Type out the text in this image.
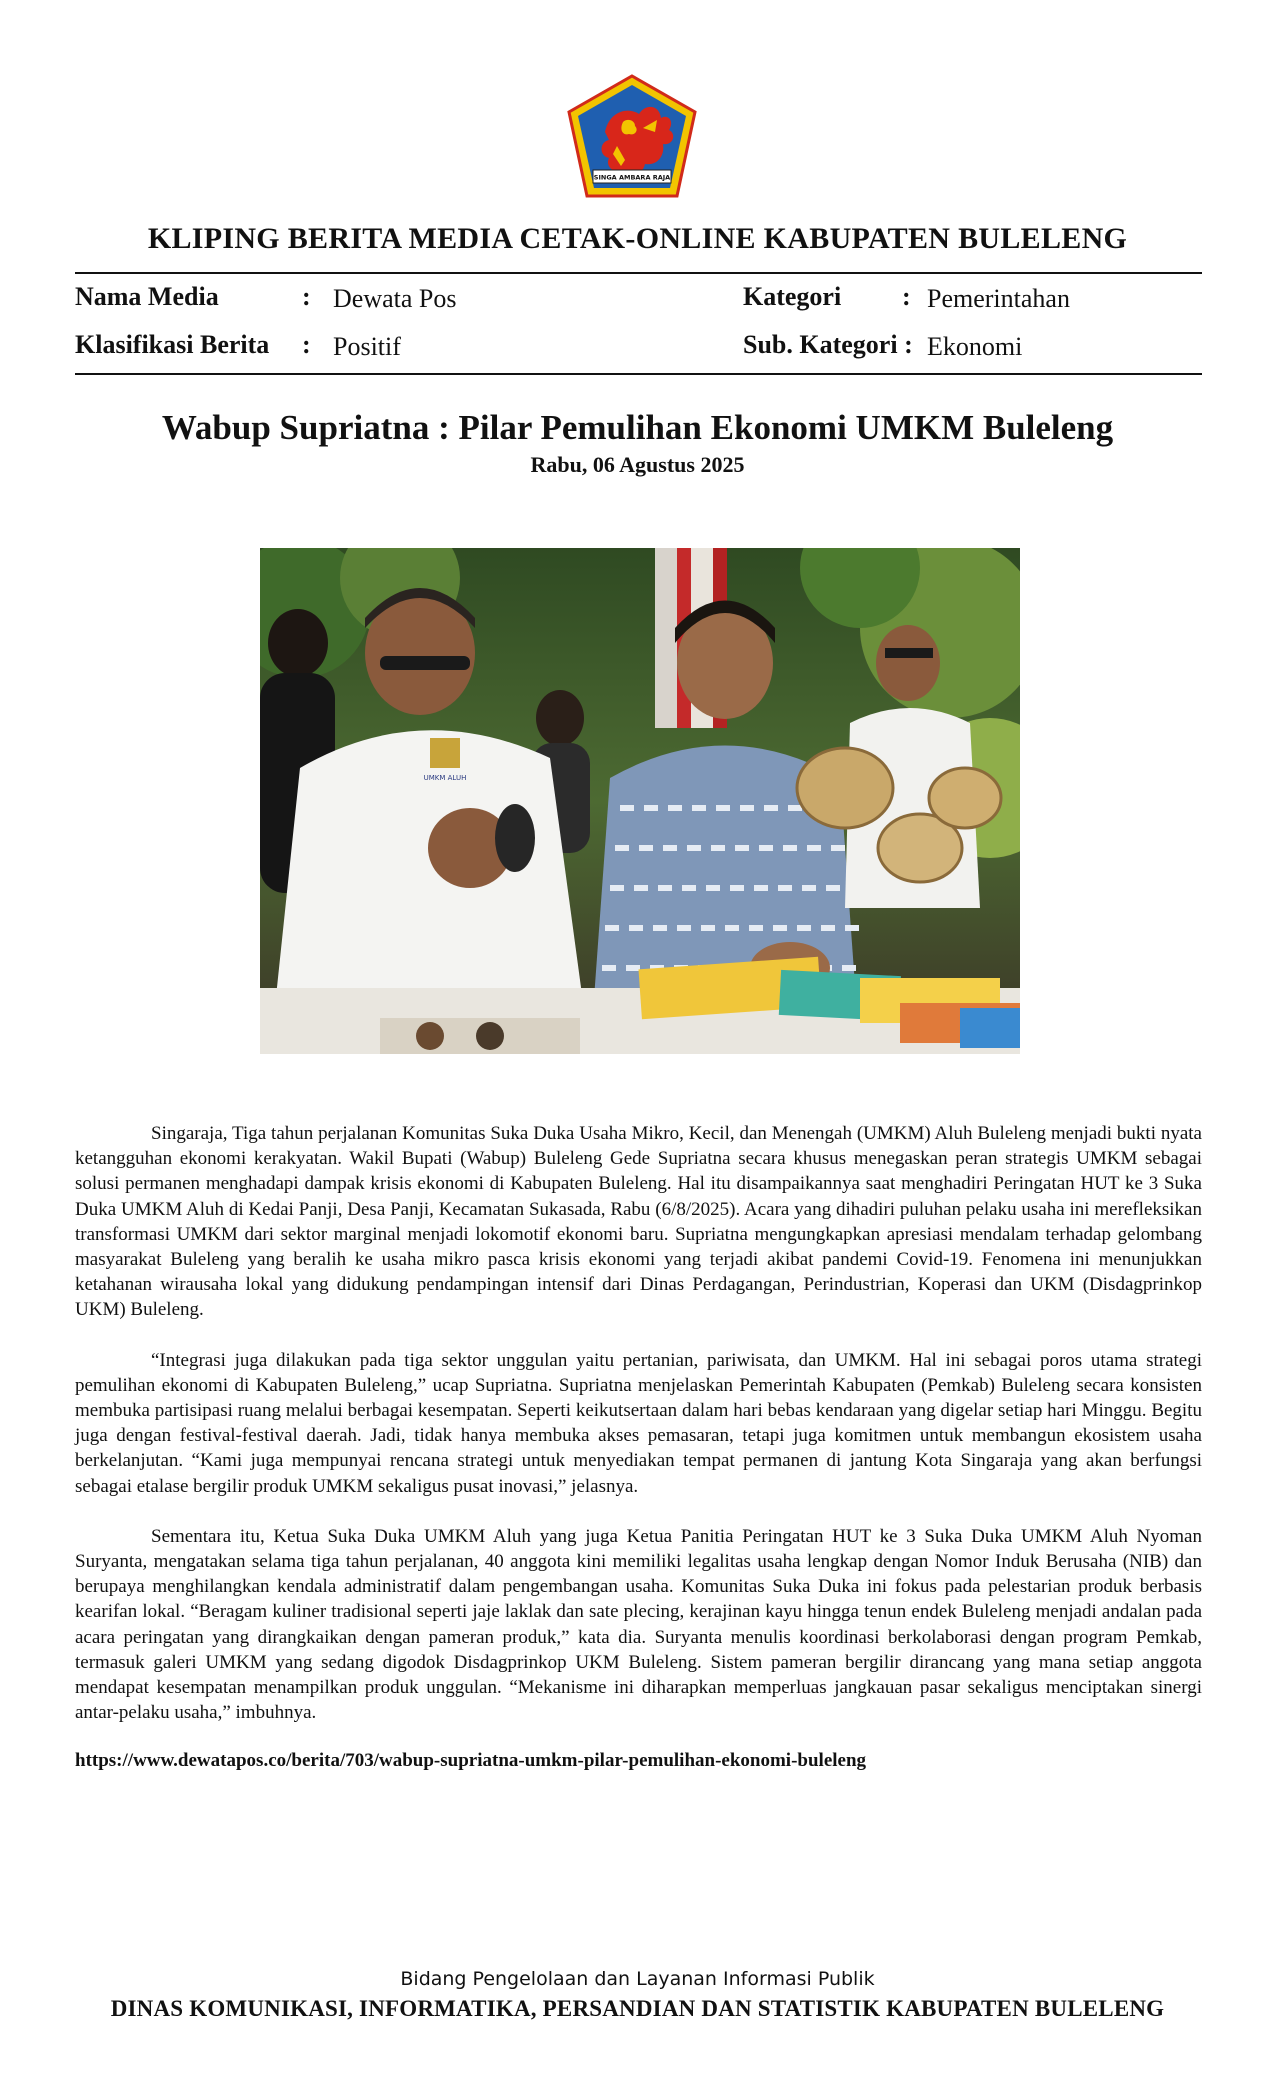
SINGA AMBARA RAJA
KLIPING BERITA MEDIA CETAK-ONLINE KABUPATEN BULELENG
Nama Media	: Dewata Pos
Klasifikasi Berita : Positif
Kategori : Pemerintahan
Sub. Kategori : Ekonomi
Wabup Supriatna : Pilar Pemulihan Ekonomi UMKM Buleleng
Rabu, 06 Agustus 2025
UMKM ALUH

Singaraja, Tiga tahun perjalanan Komunitas Suka Duka Usaha Mikro, Kecil, dan Menengah (UMKM) Aluh Buleleng menjadi bukti nyata ketangguhan ekonomi kerakyatan. Wakil Bupati (Wabup) Buleleng Gede Supriatna secara khusus menegaskan peran strategis UMKM sebagai solusi permanen menghadapi dampak krisis ekonomi di Kabupaten Buleleng. Hal itu disampaikannya saat menghadiri Peringatan HUT ke 3 Suka Duka UMKM Aluh di Kedai Panji, Desa Panji, Kecamatan Sukasada, Rabu (6/8/2025). Acara yang dihadiri puluhan pelaku usaha ini merefleksikan transformasi UMKM dari sektor marginal menjadi lokomotif ekonomi baru. Supriatna mengungkapkan apresiasi mendalam terhadap gelombang masyarakat Buleleng yang beralih ke usaha mikro pasca krisis ekonomi yang terjadi akibat pandemi Covid-19. Fenomena ini menunjukkan ketahanan wirausaha lokal yang didukung pendampingan intensif dari Dinas Perdagangan, Perindustrian, Koperasi dan UKM (Disdagprinkop UKM) Buleleng.

“Integrasi juga dilakukan pada tiga sektor unggulan yaitu pertanian, pariwisata, dan UMKM. Hal ini sebagai poros utama strategi pemulihan ekonomi di Kabupaten Buleleng,” ucap Supriatna. Supriatna menjelaskan Pemerintah Kabupaten (Pemkab) Buleleng secara konsisten membuka partisipasi ruang melalui berbagai kesempatan. Seperti keikutsertaan dalam hari bebas kendaraan yang digelar setiap hari Minggu. Begitu juga dengan festival-festival daerah. Jadi, tidak hanya membuka akses pemasaran, tetapi juga komitmen untuk membangun ekosistem usaha berkelanjutan. “Kami juga mempunyai rencana strategi untuk menyediakan tempat permanen di jantung Kota Singaraja yang akan berfungsi sebagai etalase bergilir produk UMKM sekaligus pusat inovasi,” jelasnya.

Sementara itu, Ketua Suka Duka UMKM Aluh yang juga Ketua Panitia Peringatan HUT ke 3 Suka Duka UMKM Aluh Nyoman Suryanta, mengatakan selama tiga tahun perjalanan, 40 anggota kini memiliki legalitas usaha lengkap dengan Nomor Induk Berusaha (NIB) dan berupaya menghilangkan kendala administratif dalam pengembangan usaha. Komunitas Suka Duka ini fokus pada pelestarian produk berbasis kearifan lokal. “Beragam kuliner tradisional seperti jaje laklak dan sate plecing, kerajinan kayu hingga tenun endek Buleleng menjadi andalan pada acara peringatan yang dirangkaikan dengan pameran produk,” kata dia. Suryanta menulis koordinasi berkolaborasi dengan program Pemkab, termasuk galeri UMKM yang sedang digodok Disdagprinkop UKM Buleleng. Sistem pameran bergilir dirancang yang mana setiap anggota mendapat kesempatan menampilkan produk unggulan. “Mekanisme ini diharapkan memperluas jangkauan pasar sekaligus menciptakan sinergi antar-pelaku usaha,” imbuhnya.

https://www.dewatapos.co/berita/703/wabup-supriatna-umkm-pilar-pemulihan-ekonomi-buleleng
Bidang Pengelolaan dan Layanan Informasi Publik
DINAS KOMUNIKASI, INFORMATIKA, PERSANDIAN DAN STATISTIK KABUPATEN BULELENG
